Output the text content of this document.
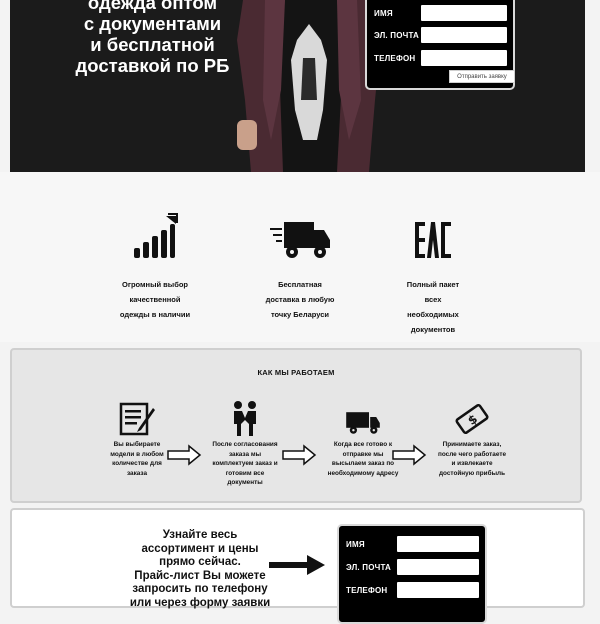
одежда оптом
с документами
и бесплатной
доставкой по РБ
ИМЯ
ЭЛ. ПОЧТА
ТЕЛЕФОН
Отправить заявку
Огромный выбор
качественной
одежды в наличии
Бесплатная
доставка в любую
точку Беларуси
Полный пакет
всех
необходимых
документов
КАК МЫ РАБОТАЕМ
Вы выбираете
модели в любом
количестве для
заказа
После согласования
заказа мы
комплектуем заказ и
готовим все
документы
Когда все готово к
отправке мы
высылаем заказ по
необходимому адресу
$
Принимаете заказ,
после чего работаете
и извлекаете
достойную прибыль
Узнайте весь
ассортимент и цены
прямо сейчас.
Прайс-лист Вы можете
запросить по телефону
или через форму заявки
ИМЯ
ЭЛ. ПОЧТА
ТЕЛЕФОН
